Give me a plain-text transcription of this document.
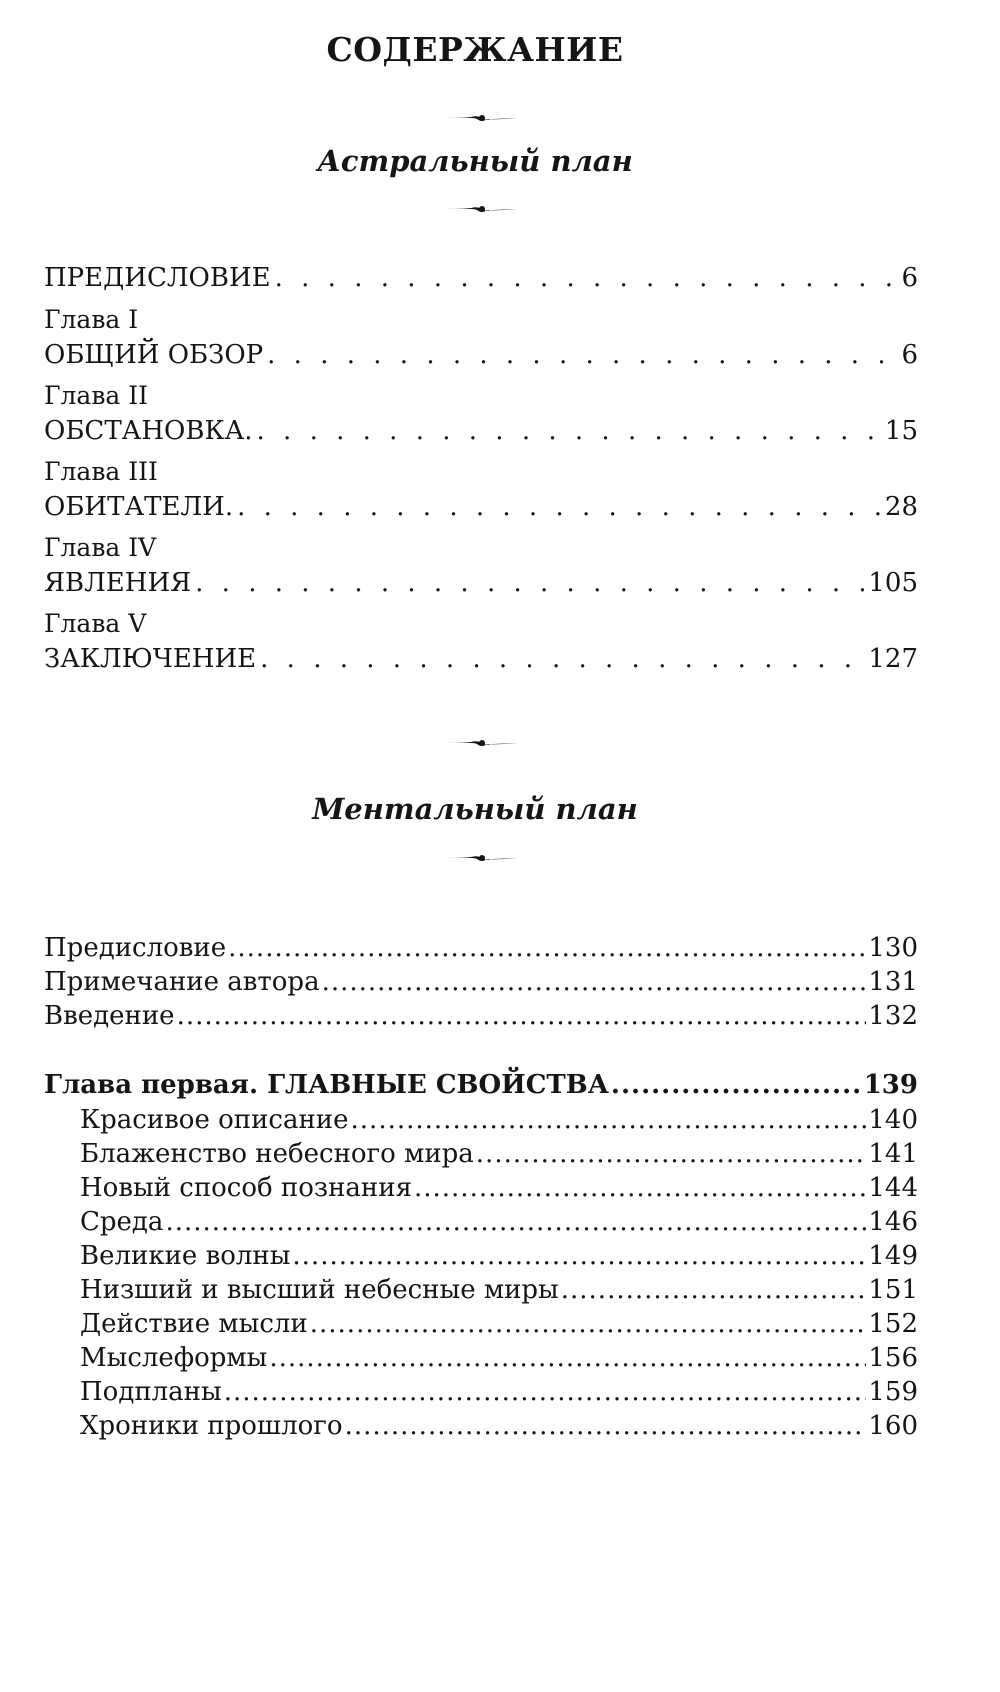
СОДЕРЖАНИЕ
Астральный план
ПРЕДИСЛОВИЕ . . .	6
Глава I
ОБЩИЙ ОБЗОР . . .	6
Глава II
ОБСТАНОВКА. . . .	15
Глава III
ОБИТАТЕЛИ. . . .	28
Глава IV
ЯВЛЕНИЯ . . .	105
Глава V
ЗАКЛЮЧЕНИЕ . . .	127
Ментальный план
Предисловие .....	130
Примечание автора .....	131
Введение .....	132
Глава первая. ГЛАВНЫЕ СВОЙСТВА .....	139
Красивое описание .....	140
Блаженство небесного мира .....	141
Новый способ познания .....	144
Среда .....	146
Великие волны .....	149
Низший и высший небесные миры .....	151
Действие мысли .....	152
Мыслеформы .....	156
Подпланы .....	159
Хроники прошлого .....	160
